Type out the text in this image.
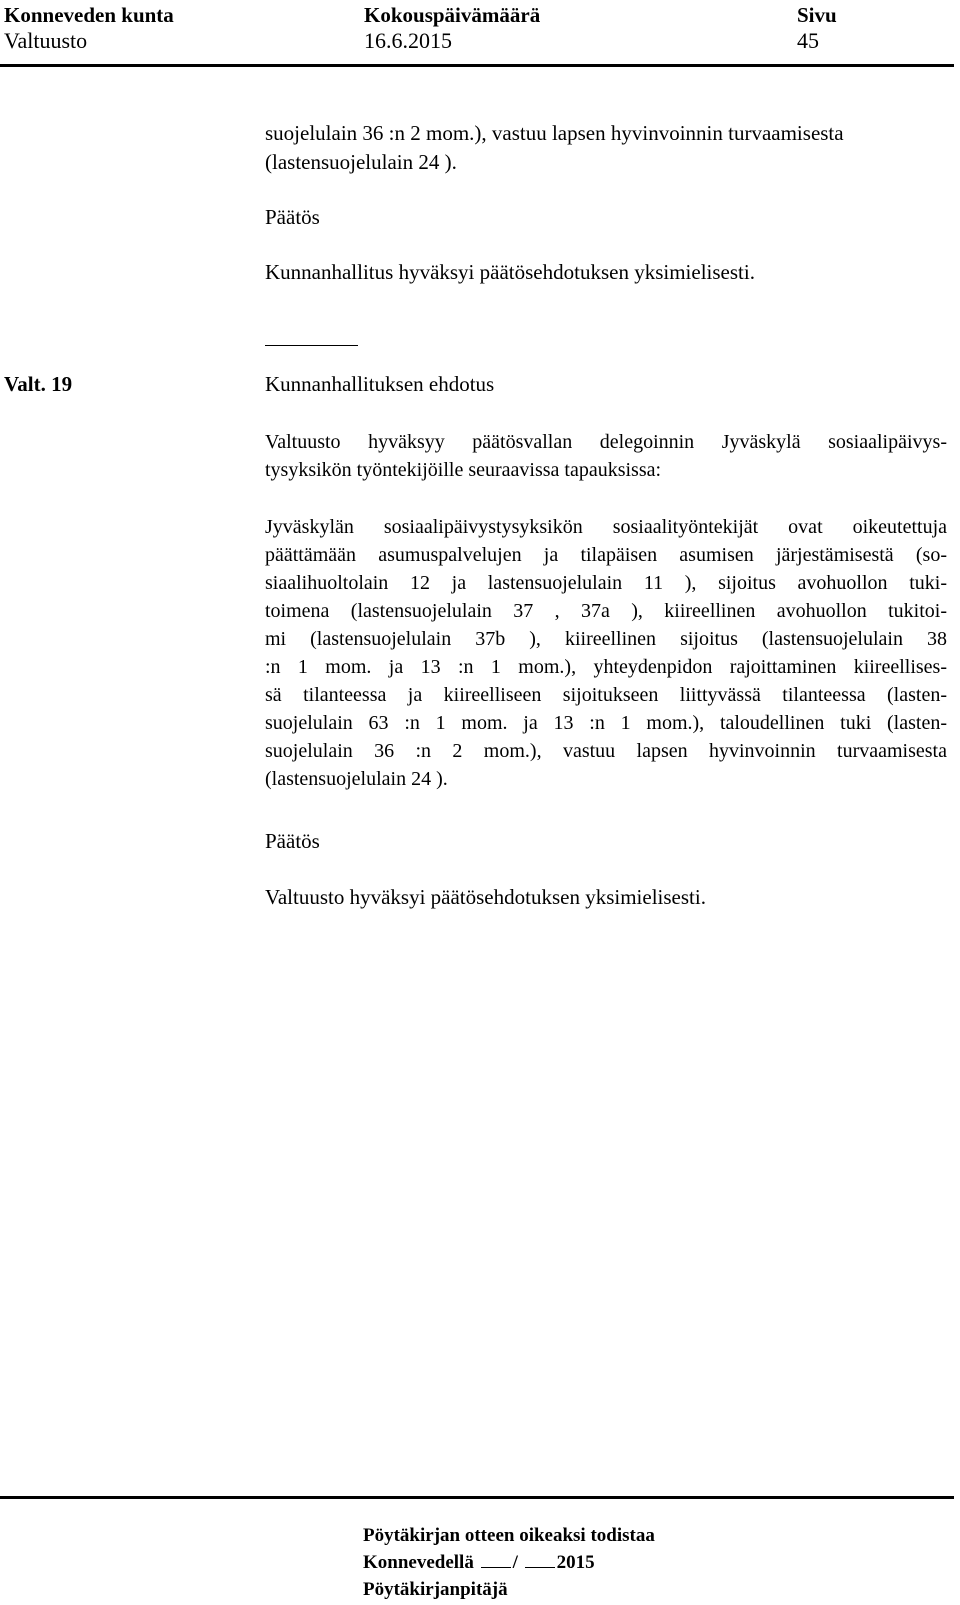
Konneveden kunta
Valtuusto
Kokouspäivämäärä
16.6.2015
Sivu
45
suojelulain 36 :n 2 mom.), vastuu lapsen hyvinvoinnin turvaamisesta
(lastensuojelulain 24 ).
Päätös
Kunnanhallitus hyväksyi päätösehdotuksen yksimielisesti.
Valt. 19	Kunnanhallituksen ehdotus
Valtuusto hyväksyy päätösvallan delegoinnin Jyväskylä sosiaalipäivys-
tysyksikön työntekijöille seuraavissa tapauksissa:
Jyväskylän sosiaalipäivystysyksikön sosiaalityöntekijät ovat oikeutettuja
päättämään asumuspalvelujen ja tilapäisen asumisen järjestämisestä (so-
siaalihuoltolain 12 ja lastensuojelulain 11 ), sijoitus avohuollon tuki-
toimena (lastensuojelulain 37 , 37a ), kiireellinen avohuollon tukitoi-
mi (lastensuojelulain 37b ), kiireellinen sijoitus (lastensuojelulain 38
:n 1 mom. ja 13 :n 1 mom.), yhteydenpidon rajoittaminen kiireellises-
sä tilanteessa ja kiireelliseen sijoitukseen liittyvässä tilanteessa (lasten-
suojelulain 63 :n 1 mom. ja 13 :n 1 mom.), taloudellinen tuki (lasten-
suojelulain 36 :n 2 mom.), vastuu lapsen hyvinvoinnin turvaamisesta
(lastensuojelulain 24 ).
Päätös
Valtuusto hyväksyi päätösehdotuksen yksimielisesti.
Pöytäkirjan otteen oikeaksi todistaa
Konnevedellä / 2015
Pöytäkirjanpitäjä
